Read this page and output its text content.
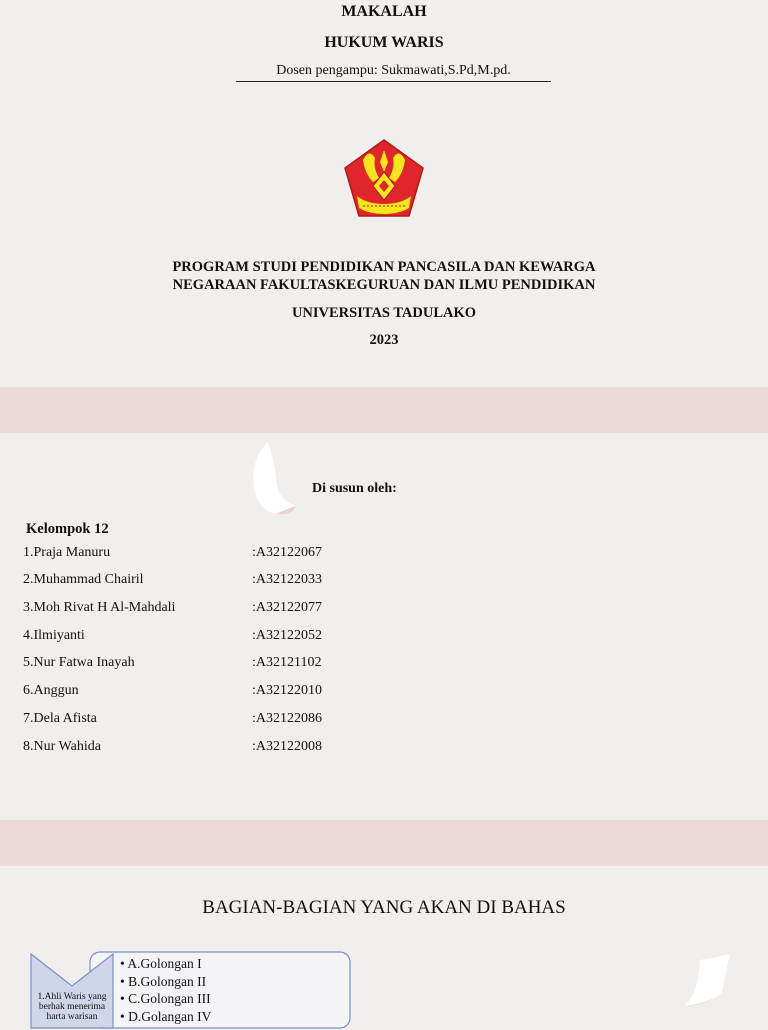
MAKALAH
HUKUM WARIS
Dosen pengampu: Sukmawati,S.Pd,M.pd.
PROGRAM STUDI PENDIDIKAN PANCASILA DAN KEWARGA
NEGARAAN FAKULTASKEGURUAN DAN ILMU PENDIDIKAN
UNIVERSITAS TADULAKO
2023
Di susun oleh:
Kelompok 12
1.Praja Manuru	:A32122067
2.Muhammad Chairil	:A32122033
3.Moh Rivat H Al-Mahdali	:A32122077
4.Ilmiyanti	:A32122052
5.Nur Fatwa Inayah	:A32121102
6.Anggun	:A32122010
7.Dela Afista	:A32122086
8.Nur Wahida	:A32122008
BAGIAN-BAGIAN YANG AKAN DI BAHAS
1.Ahli Waris yang berhak menerima harta warisan
• A.Golongan I
• B.Golongan II
• C.Golongan III
• D.Golangan IV
